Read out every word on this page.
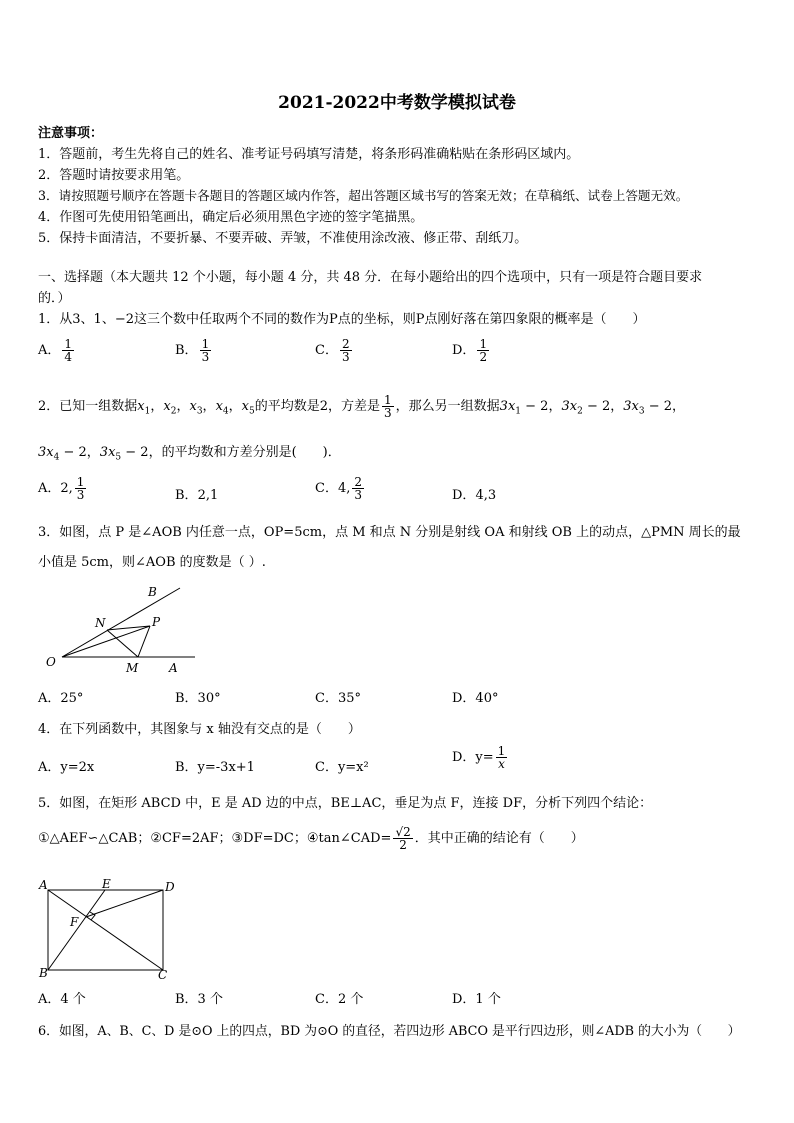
2021-2022中考数学模拟试卷
注意事项：
1．答题前，考生先将自己的姓名、准考证号码填写清楚，将条形码准确粘贴在条形码区域内。
2．答题时请按要求用笔。
3．请按照题号顺序在答题卡各题目的答题区域内作答，超出答题区域书写的答案无效；在草稿纸、试卷上答题无效。
4．作图可先使用铅笔画出，确定后必须用黑色字迹的签字笔描黑。
5．保持卡面清洁，不要折暴、不要弄破、弄皱，不准使用涂改液、修正带、刮纸刀。
一、选择题（本大题共 12 个小题，每小题 4 分，共 48 分．在每小题给出的四个选项中，只有一项是符合题目要求
的．）
1．从3、1、−2这三个数中任取两个不同的数作为P点的坐标，则P点刚好落在第四象限的概率是（　　）
A． $\frac{1}{4}$	B． $\frac{1}{3}$	C． $\frac{2}{3}$	D． $\frac{1}{2}$
2．已知一组数据$x_1$，$x_2$，$x_3$，$x_4$，$x_5$的平均数是2，方差是 $\frac{1}{3}$ ，那么另一组数据$3x_1 - 2$，$3x_2 - 2$，$3x_3 - 2$，
$3x_4 - 2$，$3x_5 - 2$，的平均数和方差分别是(　　)．
A．2, $\frac{1}{3}$	B．2,1	C．4, $\frac{2}{3}$	D．4,3
3．如图，点 P 是∠AOB 内任意一点，OP=5cm，点 M 和点 N 分别是射线 OA 和射线 OB 上的动点，△PMN 周长的最
小值是 5cm，则∠AOB 的度数是（ ）.
B
N	P
O	M	A
A．25°	B．30°	C．35°	D．40°
4．在下列函数中，其图象与 x 轴没有交点的是（　　）
A．y=2x	B．y=-3x+1	C．y=x²
D．$y= \frac{1}{x}$
5．如图，在矩形 ABCD 中，E 是 AD 边的中点，BE⊥AC，垂足为点 F，连接 DF，分析下列四个结论：
①△AEF∽△CAB；②CF=2AF；③DF=DC；④tan∠CAD= $\frac{√2}{2}$ ．其中正确的结论有（　　）
A	E	D
F
B	C
A．4 个	B．3 个	C．2 个	D．1 个
6．如图，A、B、C、D 是⊙O 上的四点，BD 为⊙O 的直径，若四边形 ABCO 是平行四边形，则∠ADB 的大小为（　　）
